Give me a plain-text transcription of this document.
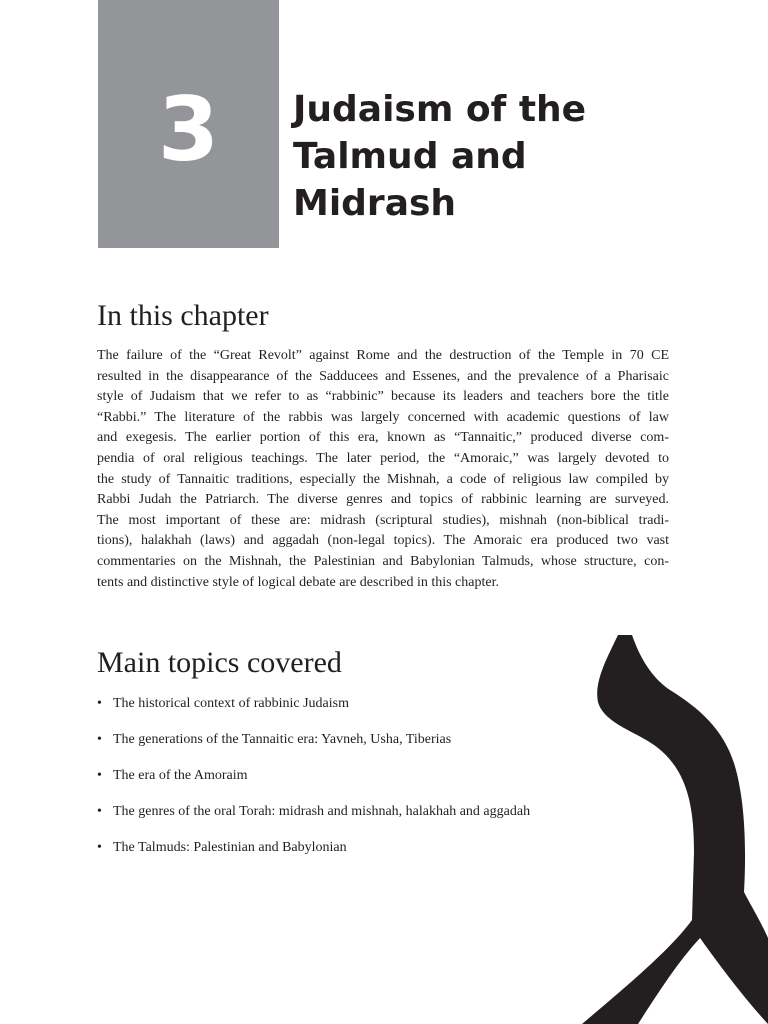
3	Judaism of the Talmud and Midrash
In this chapter

The failure of the “Great Revolt” against Rome and the destruction of the Temple in 70 CE
resulted in the disappearance of the Sadducees and Essenes, and the prevalence of a Pharisaic
style of Judaism that we refer to as “rabbinic” because its leaders and teachers bore the title
“Rabbi.” The literature of the rabbis was largely concerned with academic questions of law
and exegesis. The earlier portion of this era, known as “Tannaitic,” produced diverse com-
pendia of oral religious teachings. The later period, the “Amoraic,” was largely devoted to
the study of Tannaitic traditions, especially the Mishnah, a code of religious law compiled by
Rabbi Judah the Patriarch. The diverse genres and topics of rabbinic learning are surveyed.
The most important of these are: midrash (scriptural studies), mishnah (non-biblical tradi-
tions), halakhah (laws) and aggadah (non-legal topics). The Amoraic era produced two vast
commentaries on the Mishnah, the Palestinian and Babylonian Talmuds, whose structure, con-
tents and distinctive style of logical debate are described in this chapter.

Main topics covered
• The historical context of rabbinic Judaism
• The generations of the Tannaitic era: Yavneh, Usha, Tiberias
• The era of the Amoraim
• The genres of the oral Torah: midrash and mishnah, halakhah and aggadah
• The Talmuds: Palestinian and Babylonian
